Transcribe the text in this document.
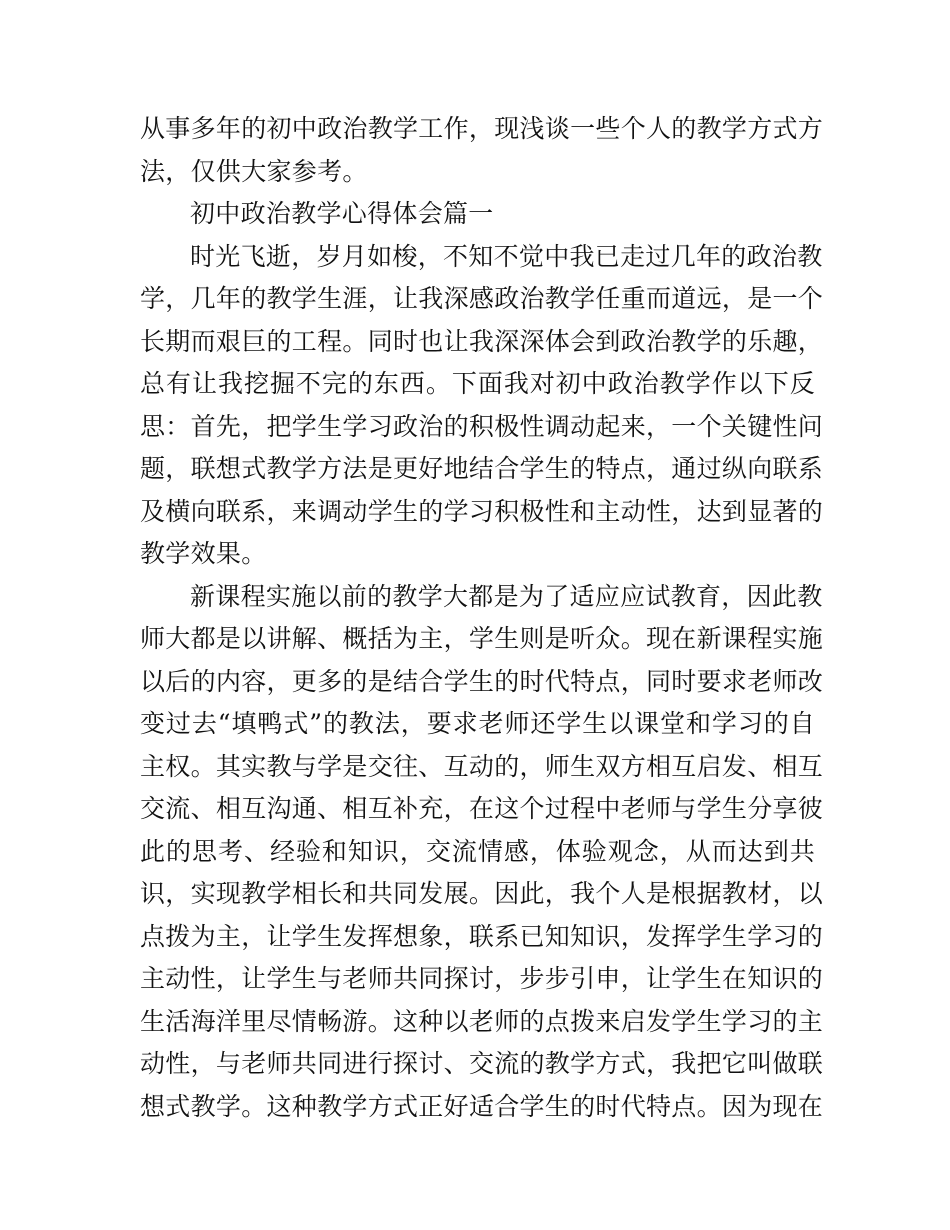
从事多年的初中政治教学工作，现浅谈一些个人的教学方式方
法，仅供大家参考。
初中政治教学心得体会篇一
时光飞逝，岁月如梭，不知不觉中我已走过几年的政治教
学，几年的教学生涯，让我深感政治教学任重而道远，是一个
长期而艰巨的工程。同时也让我深深体会到政治教学的乐趣，
总有让我挖掘不完的东西。下面我对初中政治教学作以下反
思：首先，把学生学习政治的积极性调动起来，一个关键性问
题，联想式教学方法是更好地结合学生的特点，通过纵向联系
及横向联系，来调动学生的学习积极性和主动性，达到显著的
教学效果。
新课程实施以前的教学大都是为了适应应试教育，因此教
师大都是以讲解、概括为主，学生则是听众。现在新课程实施
以后的内容，更多的是结合学生的时代特点，同时要求老师改
变过去“填鸭式”的教法，要求老师还学生以课堂和学习的自
主权。其实教与学是交往、互动的，师生双方相互启发、相互
交流、相互沟通、相互补充，在这个过程中老师与学生分享彼
此的思考、经验和知识，交流情感，体验观念，从而达到共
识，实现教学相长和共同发展。因此，我个人是根据教材，以
点拨为主，让学生发挥想象，联系已知知识，发挥学生学习的
主动性，让学生与老师共同探讨，步步引申，让学生在知识的
生活海洋里尽情畅游。这种以老师的点拨来启发学生学习的主
动性，与老师共同进行探讨、交流的教学方式，我把它叫做联
想式教学。这种教学方式正好适合学生的时代特点。因为现在
